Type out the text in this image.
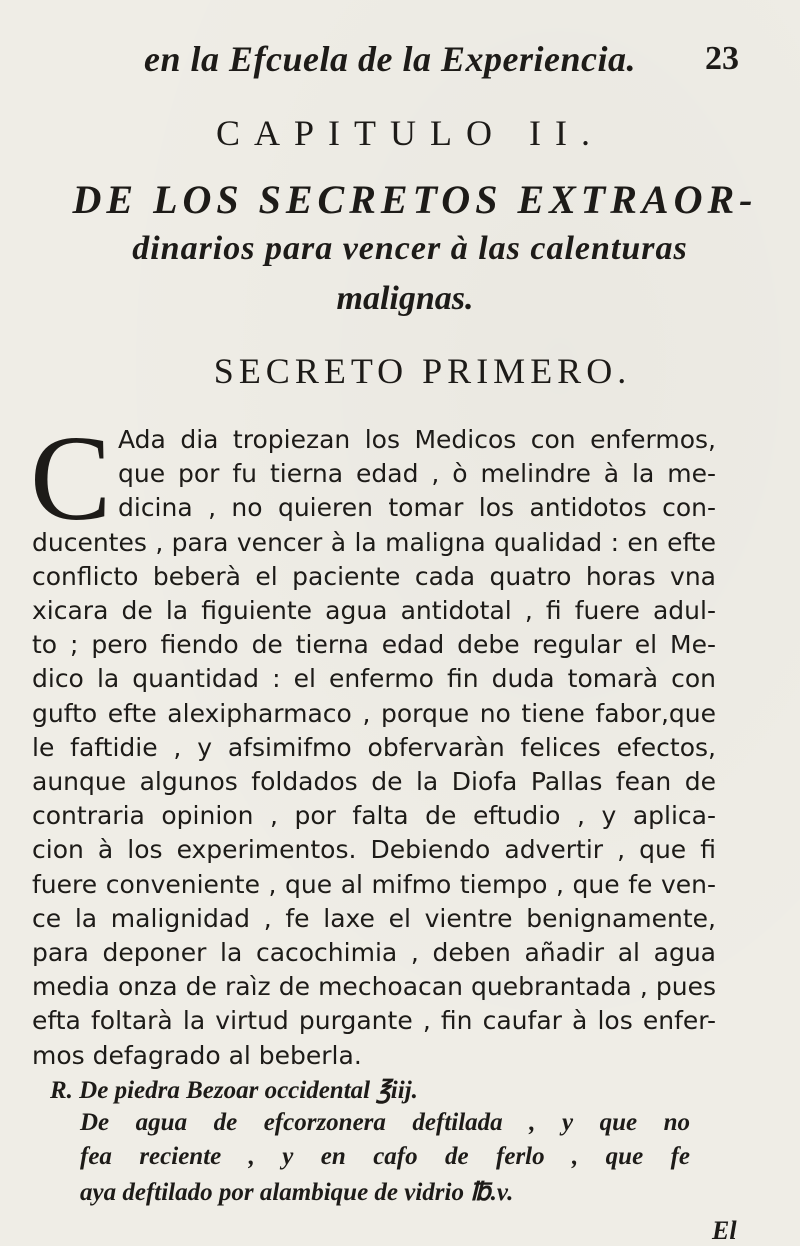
en la Efcuela de la Experiencia.	23
CAPITULO II.
DE LOS SECRETOS EXTRAOR-
dinarios para vencer à las calenturas
malignas.
SECRETO PRIMERO.
C Ada dia tropiezan los Medicos con enfermos,
que por fu tierna edad , ò melindre à la me-
dicina , no quieren tomar los antidotos con-
ducentes , para vencer à la maligna qualidad : en efte
conflicto beberà el paciente cada quatro horas vna
xicara de la figuiente agua antidotal , fi fuere adul-
to ; pero fiendo de tierna edad debe regular el Me-
dico la quantidad : el enfermo fin duda tomarà con
gufto efte alexipharmaco , porque no tiene fabor,que
le faftidie , y afsimifmo obfervaràn felices efectos,
aunque algunos foldados de la Diofa Pallas fean de
contraria opinion , por falta de eftudio , y aplica-
cion à los experimentos. Debiendo advertir , que fi
fuere conveniente , que al mifmo tiempo , que fe ven-
ce la malignidad , fe laxe el vientre benignamente,
para deponer la cacochimia , deben añadir al agua
media onza de raìz de mechoacan quebrantada , pues
efta foltarà la virtud purgante , fin caufar à los enfer-
mos defagrado al beberla.
R. De piedra Bezoar occidental ℥iij.
De agua de efcorzonera deftilada , y que no
fea reciente , y en cafo de ferlo , que fe
aya deftilado por alambique de vidrio ℔.v.
El
